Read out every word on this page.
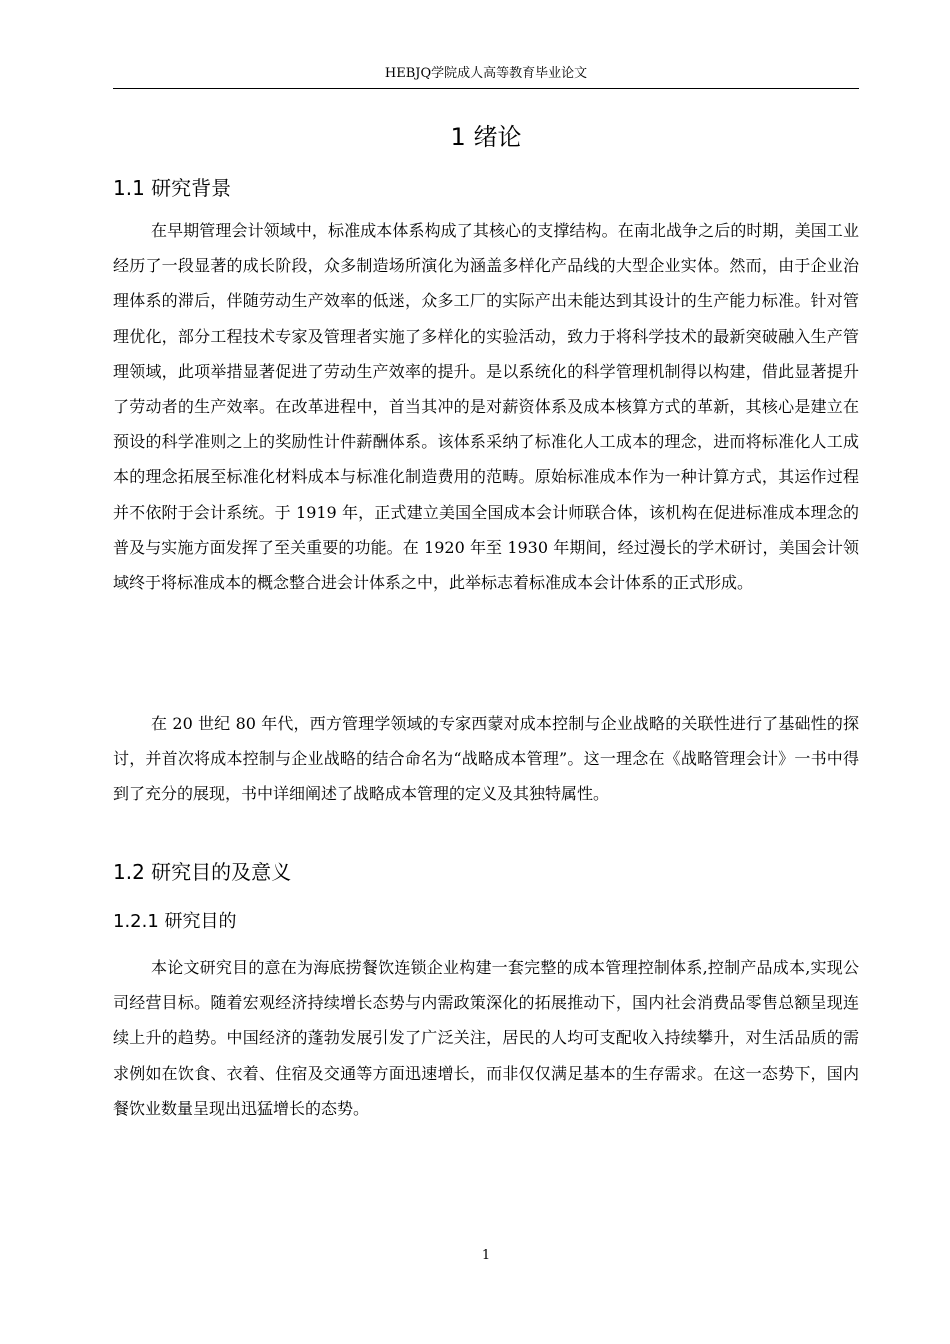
HEBJQ学院成人高等教育毕业论文
1 绪论
1.1 研究背景
在早期管理会计领域中，标准成本体系构成了其核心的支撑结构。在南北战争之后的时期，美国工业经历了一段显著的成长阶段，众多制造场所演化为涵盖多样化产品线的大型企业实体。然而，由于企业治理体系的滞后，伴随劳动生产效率的低迷，众多工厂的实际产出未能达到其设计的生产能力标准。针对管理优化，部分工程技术专家及管理者实施了多样化的实验活动，致力于将科学技术的最新突破融入生产管理领域，此项举措显著促进了劳动生产效率的提升。是以系统化的科学管理机制得以构建，借此显著提升了劳动者的生产效率。在改革进程中，首当其冲的是对薪资体系及成本核算方式的革新，其核心是建立在预设的科学准则之上的奖励性计件薪酬体系。该体系采纳了标准化人工成本的理念，进而将标准化人工成本的理念拓展至标准化材料成本与标准化制造费用的范畴。原始标准成本作为一种计算方式，其运作过程并不依附于会计系统。于 1919 年，正式建立美国全国成本会计师联合体，该机构在促进标准成本理念的普及与实施方面发挥了至关重要的功能。在 1920 年至 1930 年期间，经过漫长的学术研讨，美国会计领域终于将标准成本的概念整合进会计体系之中，此举标志着标准成本会计体系的正式形成。
在 20 世纪 80 年代，西方管理学领域的专家西蒙对成本控制与企业战略的关联性进行了基础性的探讨，并首次将成本控制与企业战略的结合命名为“战略成本管理”。这一理念在《战略管理会计》一书中得到了充分的展现，书中详细阐述了战略成本管理的定义及其独特属性。
1.2 研究目的及意义
1.2.1 研究目的
本论文研究目的意在为海底捞餐饮连锁企业构建一套完整的成本管理控制体系,控制产品成本,实现公司经营目标。随着宏观经济持续增长态势与内需政策深化的拓展推动下，国内社会消费品零售总额呈现连续上升的趋势。中国经济的蓬勃发展引发了广泛关注，居民的人均可支配收入持续攀升，对生活品质的需求例如在饮食、衣着、住宿及交通等方面迅速增长，而非仅仅满足基本的生存需求。在这一态势下，国内餐饮业数量呈现出迅猛增长的态势。
1
